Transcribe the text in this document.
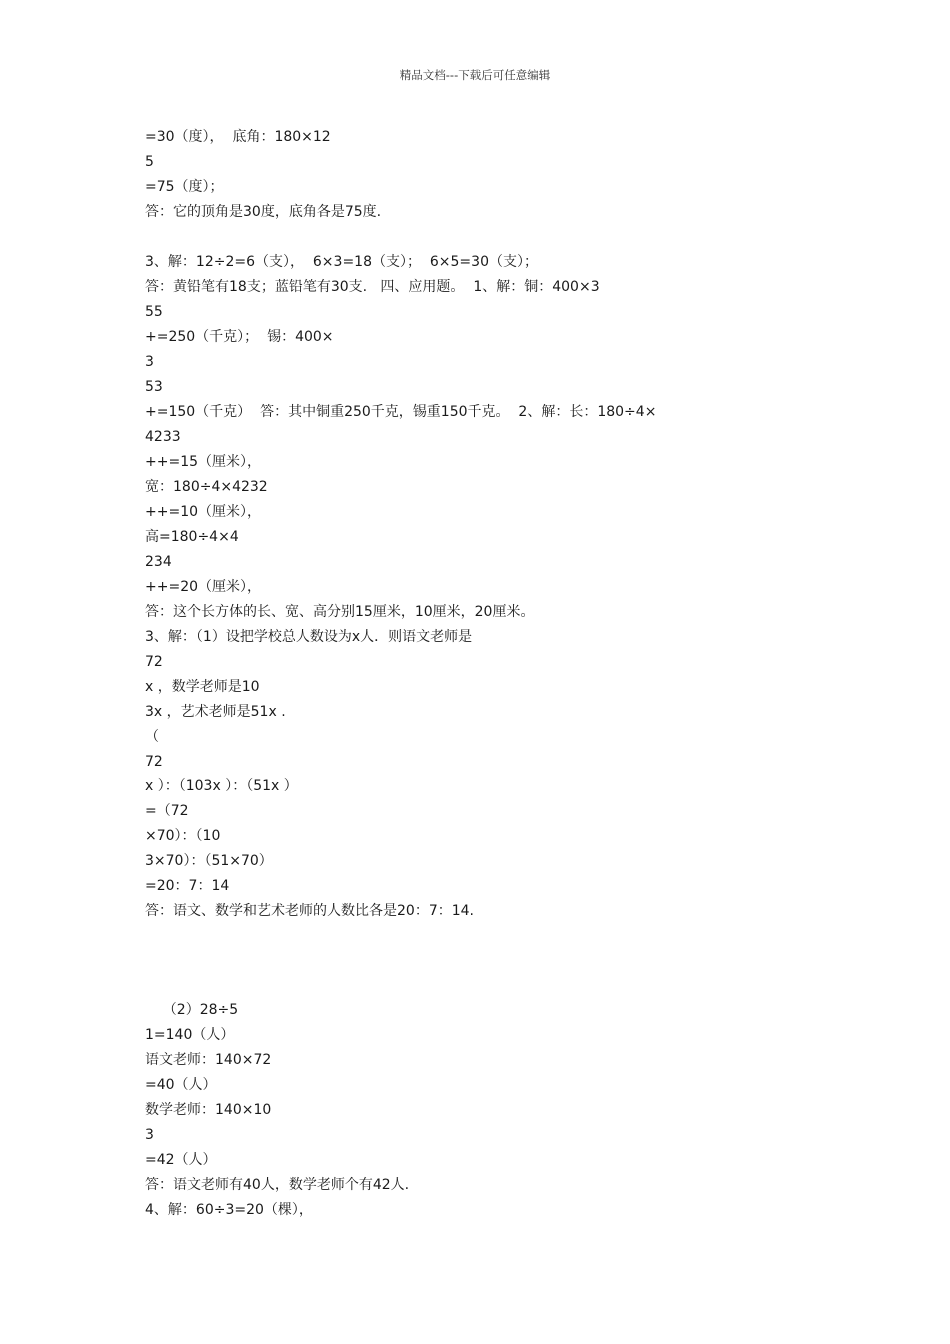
精品文档---下载后可任意编辑
=30（度），  底角：180×12
5
=75（度）；
答：它的顶角是30度，底角各是75度.
3、解：12÷2=6（支），  6×3=18（支）；  6×5=30（支）；
答：黄铅笔有18支；蓝铅笔有30支.   四、应用题。  1、解：铜：400×3
55
+=250（千克）；  锡：400×
3
53
+=150（千克）  答：其中铜重250千克，锡重150千克。  2、解：长：180÷4×
4233
++=15（厘米），
宽：180÷4×4232
++=10（厘米），
高=180÷4×4
234
++=20（厘米），
答：这个长方体的长、宽、高分别15厘米，10厘米，20厘米。
3、解：（1）设把学校总人数设为x人．则语文老师是
72
x ，数学老师是10
3x ，艺术老师是51x .
（
72
x ）：（103x ）：（51x ）
=（72
×70）：（10
3×70）：（51×70）
=20：7：14
答：语文、数学和艺术老师的人数比各是20：7：14.
（2）28÷5
1=140（人）
语文老师：140×72
=40（人）
数学老师：140×10
3
=42（人）
答：语文老师有40人，数学老师个有42人.
4、解：60÷3=20（棵），
